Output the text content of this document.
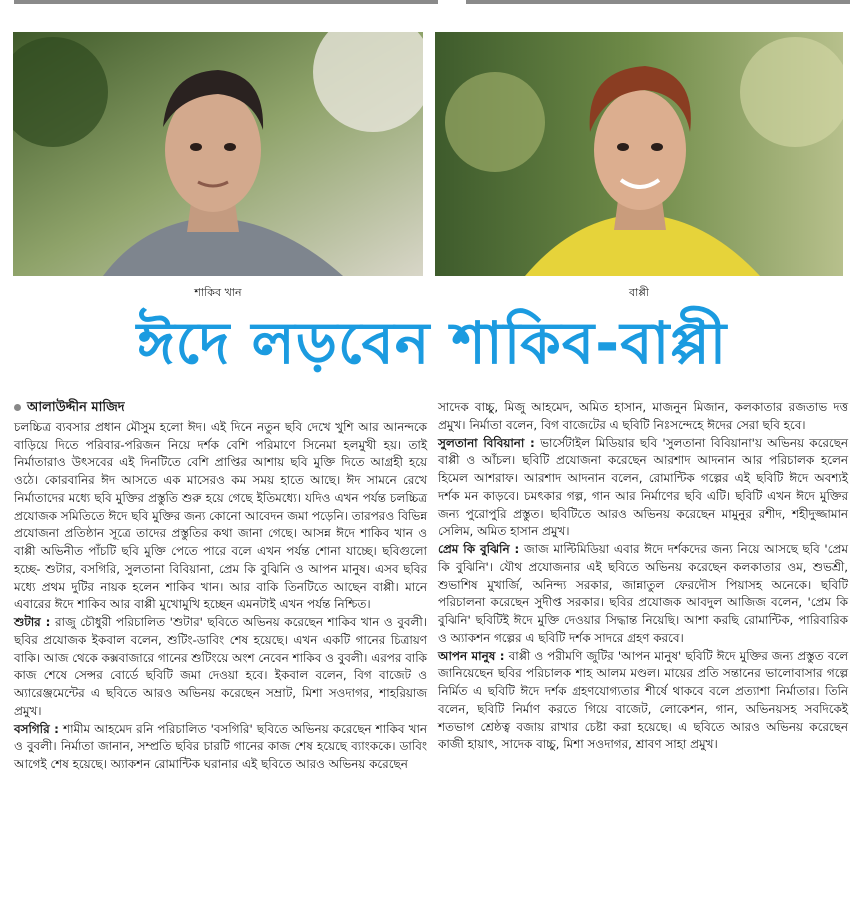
শাকিব খান	বাপ্পী
ঈদে লড়বেন শাকিব-বাপ্পী

আলাউদ্দীন মাজিদ

চলচ্চিত্র ব্যবসার প্রধান মৌসুম হলো ঈদ। এই দিনে নতুন ছবি দেখে খুশি আর আনন্দকে বাড়িয়ে দিতে পরিবার-পরিজন নিয়ে দর্শক বেশি পরিমাণে সিনেমা হলমুখী হয়। তাই নির্মাতারাও উৎসবের এই দিনটিতে বেশি প্রাপ্তির আশায় ছবি মুক্তি দিতে আগ্রহী হয়ে ওঠে। কোরবানির ঈদ আসতে এক মাসেরও কম সময় হাতে আছে। ঈদ সামনে রেখে নির্মাতাদের মধ্যে ছবি মুক্তির প্রস্তুতি শুরু হয়ে গেছে ইতিমধ্যে। যদিও এখন পর্যন্ত চলচ্চিত্র প্রযোজক সমিতিতে ঈদে ছবি মুক্তির জন্য কোনো আবেদন জমা পড়েনি। তারপরও বিভিন্ন প্রযোজনা প্রতিষ্ঠান সূত্রে তাদের প্রস্তুতির কথা জানা গেছে। আসন্ন ঈদে শাকিব খান ও বাপ্পী অভিনীত পাঁচটি ছবি মুক্তি পেতে পারে বলে এখন পর্যন্ত শোনা যাচ্ছে। ছবিগুলো হচ্ছে- শুটার, বসগিরি, সুলতানা বিবিয়ানা, প্রেম কি বুঝিনি ও আপন মানুষ। এসব ছবির মধ্যে প্রথম দুটির নায়ক হলেন শাকিব খান। আর বাকি তিনটিতে আছেন বাপ্পী। মানে এবারের ঈদে শাকিব আর বাপ্পী মুখোমুখি হচ্ছেন এমনটাই এখন পর্যন্ত নিশ্চিত।

শুটার : রাজু চৌধুরী পরিচালিত 'শুটার' ছবিতে অভিনয় করেছেন শাকিব খান ও বুবলী। ছবির প্রযোজক ইকবাল বলেন, শুটিং-ডাবিং শেষ হয়েছে। এখন একটি গানের চিত্রায়ণ বাকি। আজ থেকে কক্সবাজারে গানের শুটিংয়ে অংশ নেবেন শাকিব ও বুবলী। এরপর বাকি কাজ শেষে সেন্সর বোর্ডে ছবিটি জমা দেওয়া হবে। ইকবাল বলেন, বিগ বাজেট ও অ্যারেঞ্জমেন্টের এ ছবিতে আরও অভিনয় করেছেন সম্রাট, মিশা সওদাগর, শাহরিয়াজ প্রমুখ।

বসগিরি : শামীম আহমেদ রনি পরিচালিত 'বসগিরি' ছবিতে অভিনয় করেছেন শাকিব খান ও বুবলী। নির্মাতা জানান, সম্প্রতি ছবির চারটি গানের কাজ শেষ হয়েছে ব্যাংককে। ডাবিং আগেই শেষ হয়েছে। অ্যাকশন রোমান্টিক ঘরানার এই ছবিতে আরও অভিনয় করেছেন

সাদেক বাচ্চু, মিজু আহমেদ, অমিত হাসান, মাজনুন মিজান, কলকাতার রজতাভ দত্ত প্রমুখ। নির্মাতা বলেন, বিগ বাজেটের এ ছবিটি নিঃসন্দেহে ঈদের সেরা ছবি হবে।

সুলতানা বিবিয়ানা : ভার্সেটাইল মিডিয়ার ছবি 'সুলতানা বিবিয়ানা'য় অভিনয় করেছেন বাপ্পী ও আঁচল। ছবিটি প্রযোজনা করেছেন আরশাদ আদনান আর পরিচালক হলেন হিমেল আশরাফ। আরশাদ আদনান বলেন, রোমান্টিক গল্পের এই ছবিটি ঈদে অবশ্যই দর্শক মন কাড়বে। চমৎকার গল্প, গান আর নির্মাণের ছবি এটি। ছবিটি এখন ঈদে মুক্তির জন্য পুরোপুরি প্রস্তুত। ছবিটিতে আরও অভিনয় করেছেন মামুনুর রশীদ, শহীদুজ্জামান সেলিম, অমিত হাসান প্রমুখ।

প্রেম কি বুঝিনি : জাজ মাল্টিমিডিয়া এবার ঈদে দর্শকদের জন্য নিয়ে আসছে ছবি 'প্রেম কি বুঝিনি'। যৌথ প্রযোজনার এই ছবিতে অভিনয় করেছেন কলকাতার ওম, শুভশ্রী, শুভাশিষ মুখার্জি, অনিন্দ্য সরকার, জান্নাতুল ফেরদৌস পিয়াসহ অনেকে। ছবিটি পরিচালনা করেছেন সুদীপ্ত সরকার। ছবির প্রযোজক আবদুল আজিজ বলেন, 'প্রেম কি বুঝিনি' ছবিটিই ঈদে মুক্তি দেওয়ার সিদ্ধান্ত নিয়েছি। আশা করছি রোমান্টিক, পারিবারিক ও অ্যাকশন গল্পের এ ছবিটি দর্শক সাদরে গ্রহণ করবে।

আপন মানুষ : বাপ্পী ও পরীমণি জুটির 'আপন মানুষ' ছবিটি ঈদে মুক্তির জন্য প্রস্তুত বলে জানিয়েছেন ছবির পরিচালক শাহ আলম মণ্ডল। মায়ের প্রতি সন্তানের ভালোবাসার গল্পে নির্মিত এ ছবিটি ঈদে দর্শক গ্রহণযোগ্যতার শীর্ষে থাকবে বলে প্রত্যাশা নির্মাতার। তিনি বলেন, ছবিটি নির্মাণ করতে গিয়ে বাজেট, লোকেশন, গান, অভিনয়সহ সবদিকেই শতভাগ শ্রেষ্ঠত্ব বজায় রাখার চেষ্টা করা হয়েছে। এ ছবিতে আরও অভিনয় করেছেন কাজী হায়াৎ, সাদেক বাচ্চু, মিশা সওদাগর, শ্রাবণ সাহা প্রমুখ।
